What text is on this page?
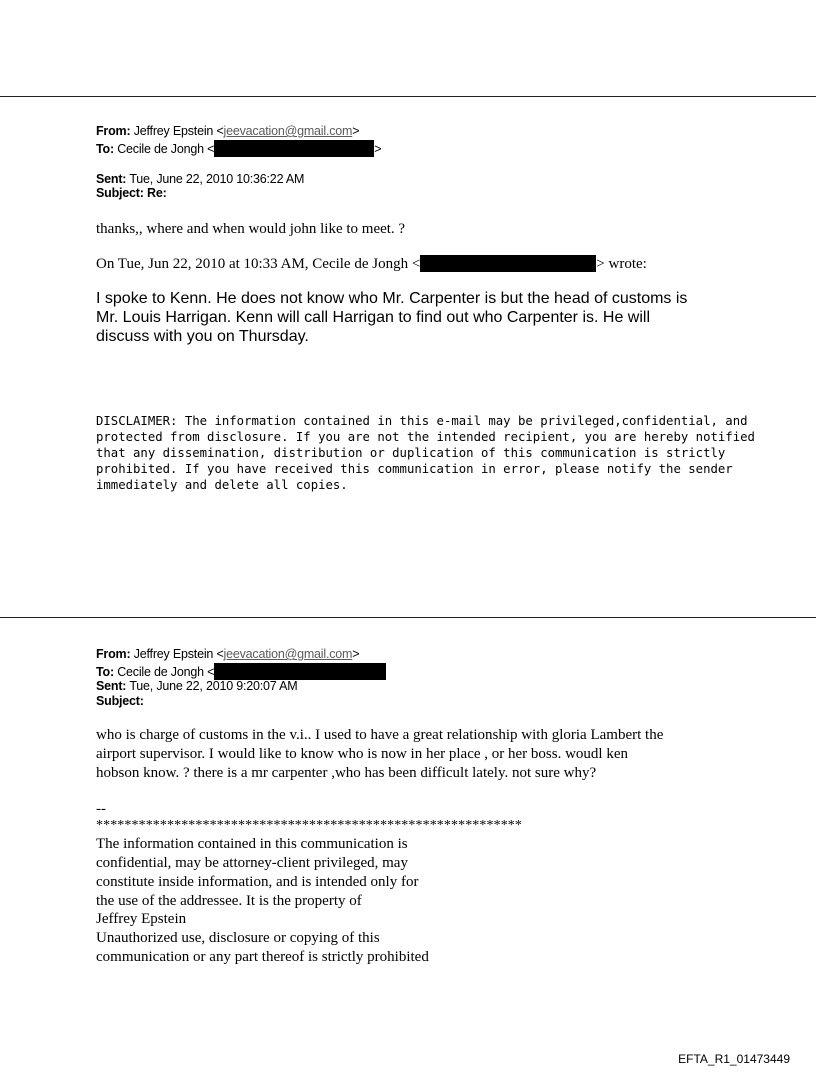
From: Jeffrey Epstein <jeevacation@gmail.com>
To: Cecile de Jongh <	>
Sent: Tue, June 22, 2010 10:36:22 AM
Subject: Re:
thanks,, where and when would john like to meet. ?
On Tue, Jun 22, 2010 at 10:33 AM, Cecile de Jongh <	> wrote:
I spoke to Kenn. He does not know who Mr. Carpenter is but the head of customs is
Mr. Louis Harrigan. Kenn will call Harrigan to find out who Carpenter is. He will
discuss with you on Thursday.
DISCLAIMER: The information contained in this e-mail may be privileged,confidential, and
protected from disclosure. If you are not the intended recipient, you are hereby notified
that any dissemination, distribution or duplication of this communication is strictly
prohibited. If you have received this communication in error, please notify the sender
immediately and delete all copies.
From: Jeffrey Epstein <jeevacation@gmail.com>
To: Cecile de Jongh <
Sent: Tue, June 22, 2010 9:20:07 AM
Subject:
who is charge of customs in the v.i.. I used to have a great relationship with gloria Lambert the
airport supervisor. I would like to know who is now in her place , or her boss. woudl ken
hobson know. ? there is a mr carpenter ,who has been difficult lately. not sure why?
--
************************************************************
The information contained in this communication is
confidential, may be attorney-client privileged, may
constitute inside information, and is intended only for
the use of the addressee. It is the property of
Jeffrey Epstein
Unauthorized use, disclosure or copying of this
communication or any part thereof is strictly prohibited
EFTA_R1_01473449
